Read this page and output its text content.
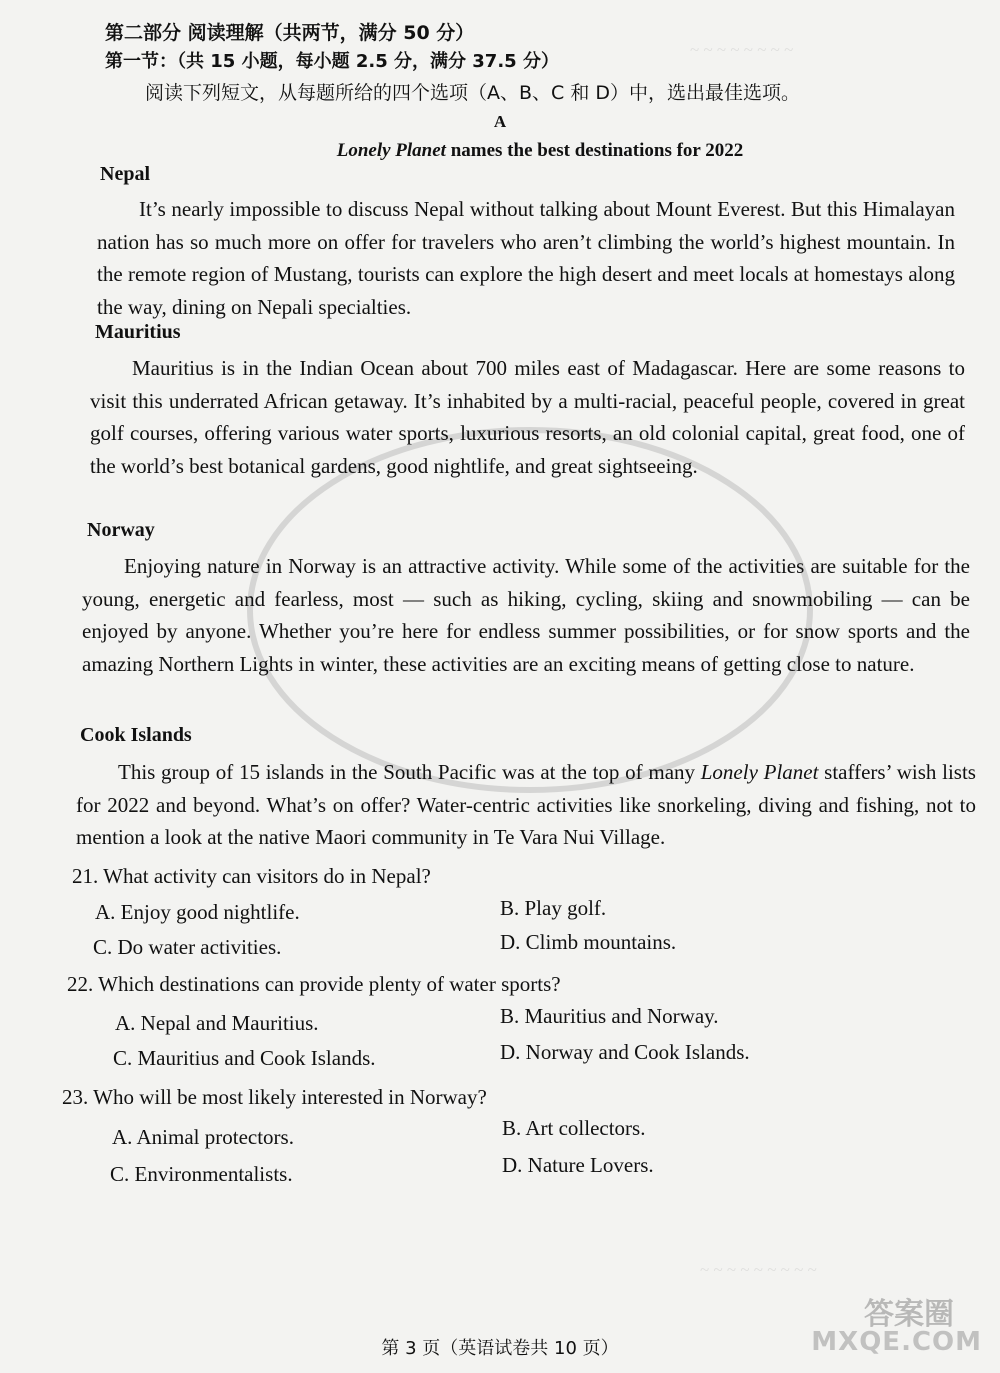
~ ~ ~ ~ ~ ~ ~ ~
~ ~ ~ ~ ~ ~ ~ ~ ~
第二部分 阅读理解（共两节，满分 50 分）
第一节：（共 15 小题，每小题 2.5 分，满分 37.5 分）
阅读下列短文，从每题所给的四个选项（A、B、C 和 D）中，选出最佳选项。
A
Lonely Planet names the best destinations for 2022
Nepal
It’s nearly impossible to discuss Nepal without talking about Mount Everest. But this Himalayan nation has so much more on offer for travelers who aren’t climbing the world’s highest mountain. In the remote region of Mustang, tourists can explore the high desert and meet locals at homestays along the way, dining on Nepali specialties.
Mauritius
Mauritius is in the Indian Ocean about 700 miles east of Madagascar. Here are some reasons to visit this underrated African getaway. It’s inhabited by a multi-racial, peaceful people, covered in great golf courses, offering various water sports, luxurious resorts, an old colonial capital, great food, one of the world’s best botanical gardens, good nightlife, and great sightseeing.
Norway
Enjoying nature in Norway is an attractive activity. While some of the activities are suitable for the young, energetic and fearless, most — such as hiking, cycling, skiing and snowmobiling — can be enjoyed by anyone. Whether you’re here for endless summer possibilities, or for snow sports and the amazing Northern Lights in winter, these activities are an exciting means of getting close to nature.
Cook Islands
This group of 15 islands in the South Pacific was at the top of many Lonely Planet staffers’ wish lists for 2022 and beyond. What’s on offer? Water-centric activities like snorkeling, diving and fishing, not to mention a look at the native Maori community in Te Vara Nui Village.
21. What activity can visitors do in Nepal?
A. Enjoy good nightlife.	B. Play golf.
C. Do water activities.	D. Climb mountains.
22. Which destinations can provide plenty of water sports?
A. Nepal and Mauritius.	B. Mauritius and Norway.
C. Mauritius and Cook Islands.	D. Norway and Cook Islands.
23. Who will be most likely interested in Norway?
A. Animal protectors.	B. Art collectors.
C. Environmentalists.	D. Nature Lovers.
第 3 页（英语试卷共 10 页）
答案圈
MXQE.COM
